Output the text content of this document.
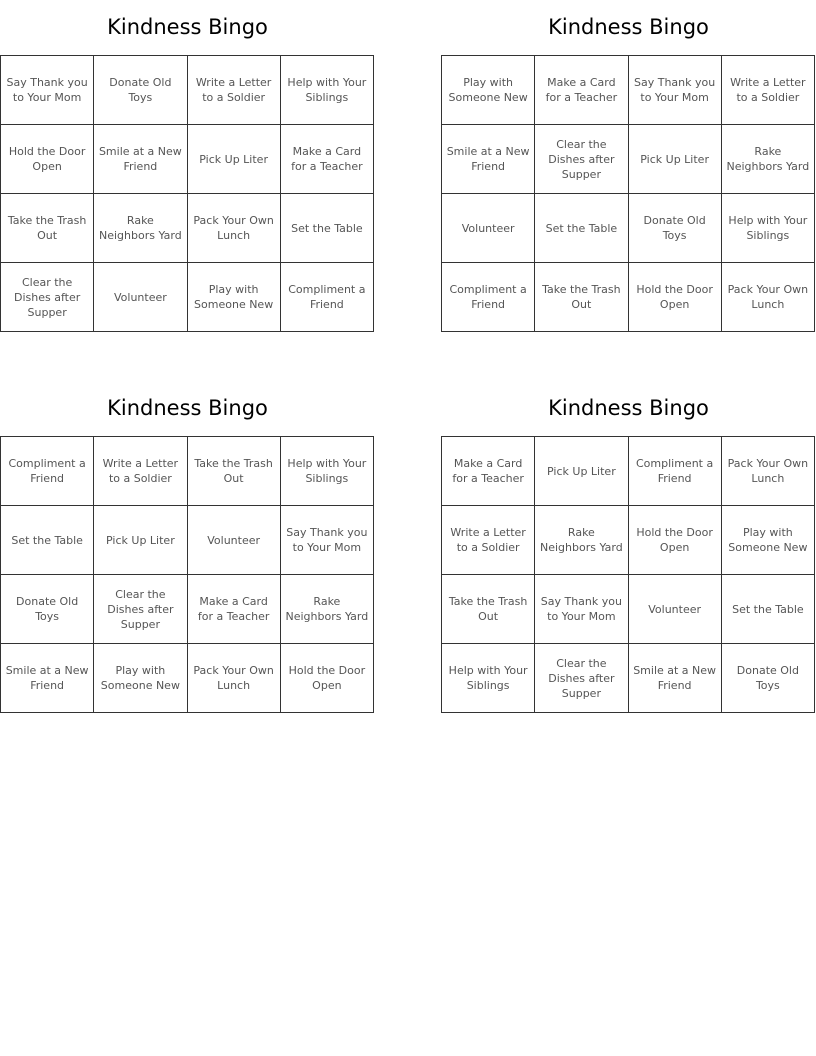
Kindness Bingo
Say Thank you to Your Mom	Donate Old Toys	Write a Letter to a Soldier	Help with Your Siblings
Hold the Door Open	Smile at a New Friend	Pick Up Liter	Make a Card for a Teacher
Take the Trash Out	Rake Neighbors Yard	Pack Your Own Lunch	Set the Table
Clear the Dishes after Supper	Volunteer	Play with Someone New	Compliment a Friend
Kindness Bingo
Play with Someone New	Make a Card for a Teacher	Say Thank you to Your Mom	Write a Letter to a Soldier
Smile at a New Friend	Clear the Dishes after Supper	Pick Up Liter	Rake Neighbors Yard
Volunteer	Set the Table	Donate Old Toys	Help with Your Siblings
Compliment a Friend	Take the Trash Out	Hold the Door Open	Pack Your Own Lunch
Kindness Bingo
Compliment a Friend	Write a Letter to a Soldier	Take the Trash Out	Help with Your Siblings
Set the Table	Pick Up Liter	Volunteer	Say Thank you to Your Mom
Donate Old Toys	Clear the Dishes after Supper	Make a Card for a Teacher	Rake Neighbors Yard
Smile at a New Friend	Play with Someone New	Pack Your Own Lunch	Hold the Door Open
Kindness Bingo
Make a Card for a Teacher	Pick Up Liter	Compliment a Friend	Pack Your Own Lunch
Write a Letter to a Soldier	Rake Neighbors Yard	Hold the Door Open	Play with Someone New
Take the Trash Out	Say Thank you to Your Mom	Volunteer	Set the Table
Help with Your Siblings	Clear the Dishes after Supper	Smile at a New Friend	Donate Old Toys
